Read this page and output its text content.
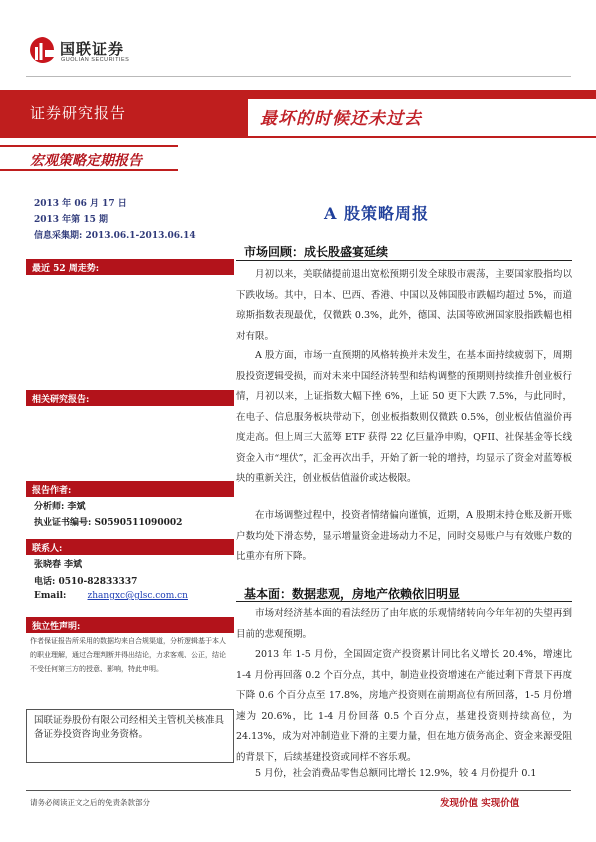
国联证券
GUOLIAN SECURITIES
证券研究报告	最坏的时候还未过去
宏观策略定期报告
2013 年 06 月 17 日
2013 年第 15 期
信息采集期: 2013.06.1-2013.06.14
A 股策略周报
最近 52 周走势:
相关研究报告:
报告作者:
分析师: 李斌
执业证书编号: S0590511090002
联系人:
张晓春 李斌
电话: 0510-82833337
Email: zhangxc@glsc.com.cn
独立性声明:
作者保证报告所采用的数据均来自合规渠道，分析逻辑基于本人的职业理解，通过合理判断并得出结论，力求客观、公正，结论不受任何第三方的授意、影响，特此申明。
国联证券股份有限公司经相关主管机关核准具备证券投资咨询业务资格。
市场回顾：成长股盛宴延续
月初以来，美联储提前退出宽松预期引发全球股市震荡，主要国家股指均以下跌收场。其中，日本、巴西、香港、中国以及韩国股市跌幅均超过 5%，而道琼斯指数表现最优，仅微跌 0.3%，此外，德国、法国等欧洲国家股指跌幅也相对有限。
A 股方面，市场一直预期的风格转换并未发生，在基本面持续疲弱下，周期股投资逻辑受损，而对未来中国经济转型和结构调整的预期则持续推升创业板行情，月初以来，上证指数大幅下挫 6%，上证 50 更下大跌 7.5%，与此同时，在电子、信息服务板块带动下，创业板指数则仅微跌 0.5%，创业板估值溢价再度走高。但上周三大蓝筹 ETF 获得 22 亿巨量净申购，QFII、社保基金等长线资金入市“埋伏”，汇金再次出手，开始了新一轮的增持，均显示了资金对蓝筹板块的重新关注，创业板估值溢价或达极限。
在市场调整过程中，投资者情绪偏向谨慎，近期，A 股期末持仓账及新开账户数均处下滑态势，显示增量资金进场动力不足，同时交易账户与有效账户数的比重亦有所下降。
基本面：数据悲观，房地产依赖依旧明显
市场对经济基本面的看法经历了由年底的乐观情绪转向今年年初的失望再到目前的悲观预期。
2013 年 1-5 月份，全国固定资产投资累计同比名义增长 20.4%，增速比 1-4 月份再回落 0.2 个百分点，其中，制造业投资增速在产能过剩下背景下再度下降 0.6 个百分点至 17.8%，房地产投资则在前期高位有所回落，1-5 月份增速为 20.6%，比 1-4 月份回落 0.5 个百分点，基建投资则持续高位，为 24.13%，成为对冲制造业下滑的主要力量，但在地方债务高企、资金来源受阻的背景下，后续基建投资或同样不容乐观。
5 月份，社会消费品零售总额同比增长 12.9%，较 4 月份提升 0.1
请务必阅读正文之后的免责条款部分	发现价值 实现价值
